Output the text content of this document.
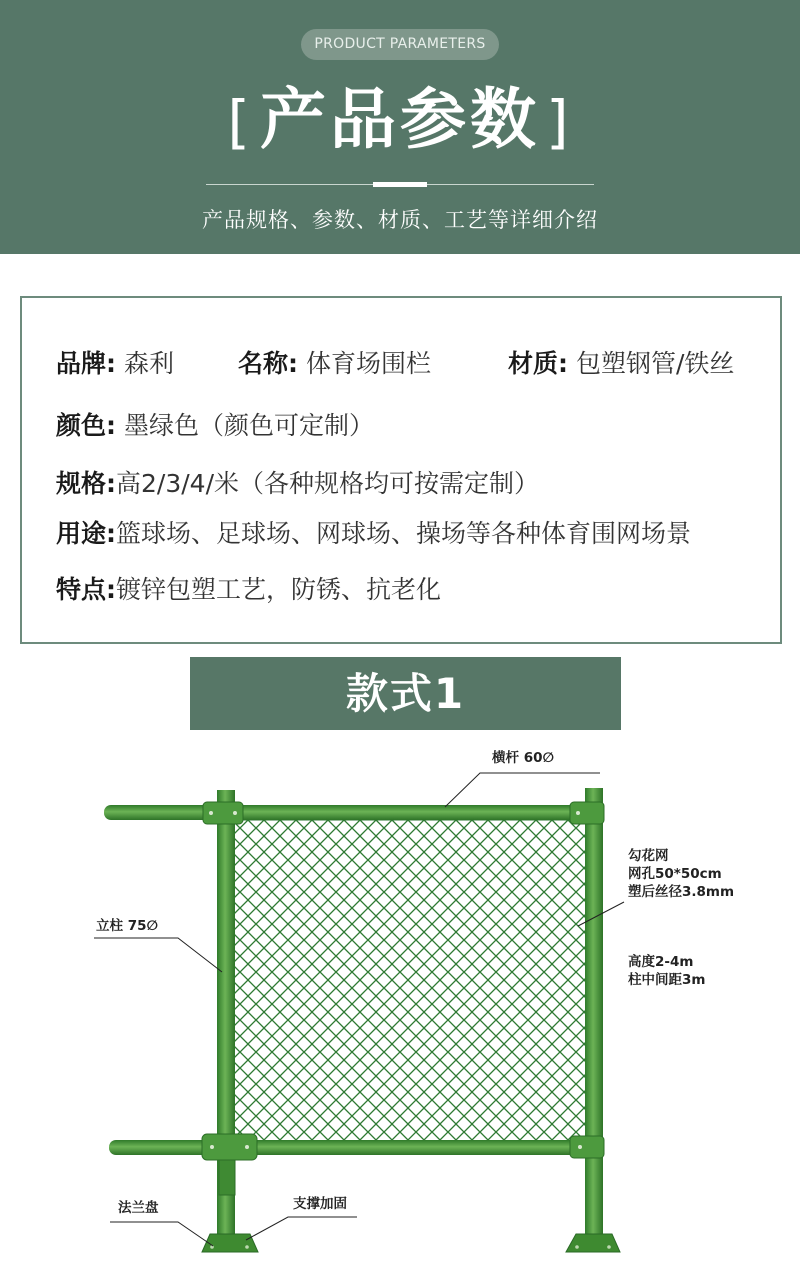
PRODUCT PARAMETERS
[产品参数 ]
产品规格、参数、材质、工艺等详细介绍
品牌: 森利	名称: 体育场围栏	材质: 包塑钢管/铁丝
颜色: 墨绿色（颜色可定制）
规格:高2/3/4/米（各种规格均可按需定制）
用途:篮球场、足球场、网球场、操场等各种体育围网场景
特点:镀锌包塑工艺，防锈、抗老化
款式1
横杆 60∅
立柱 75∅
勾花网
网孔50*50cm
塑后丝径3.8mm
高度2-4m
柱中间距3m
法兰盘	支撑加固
